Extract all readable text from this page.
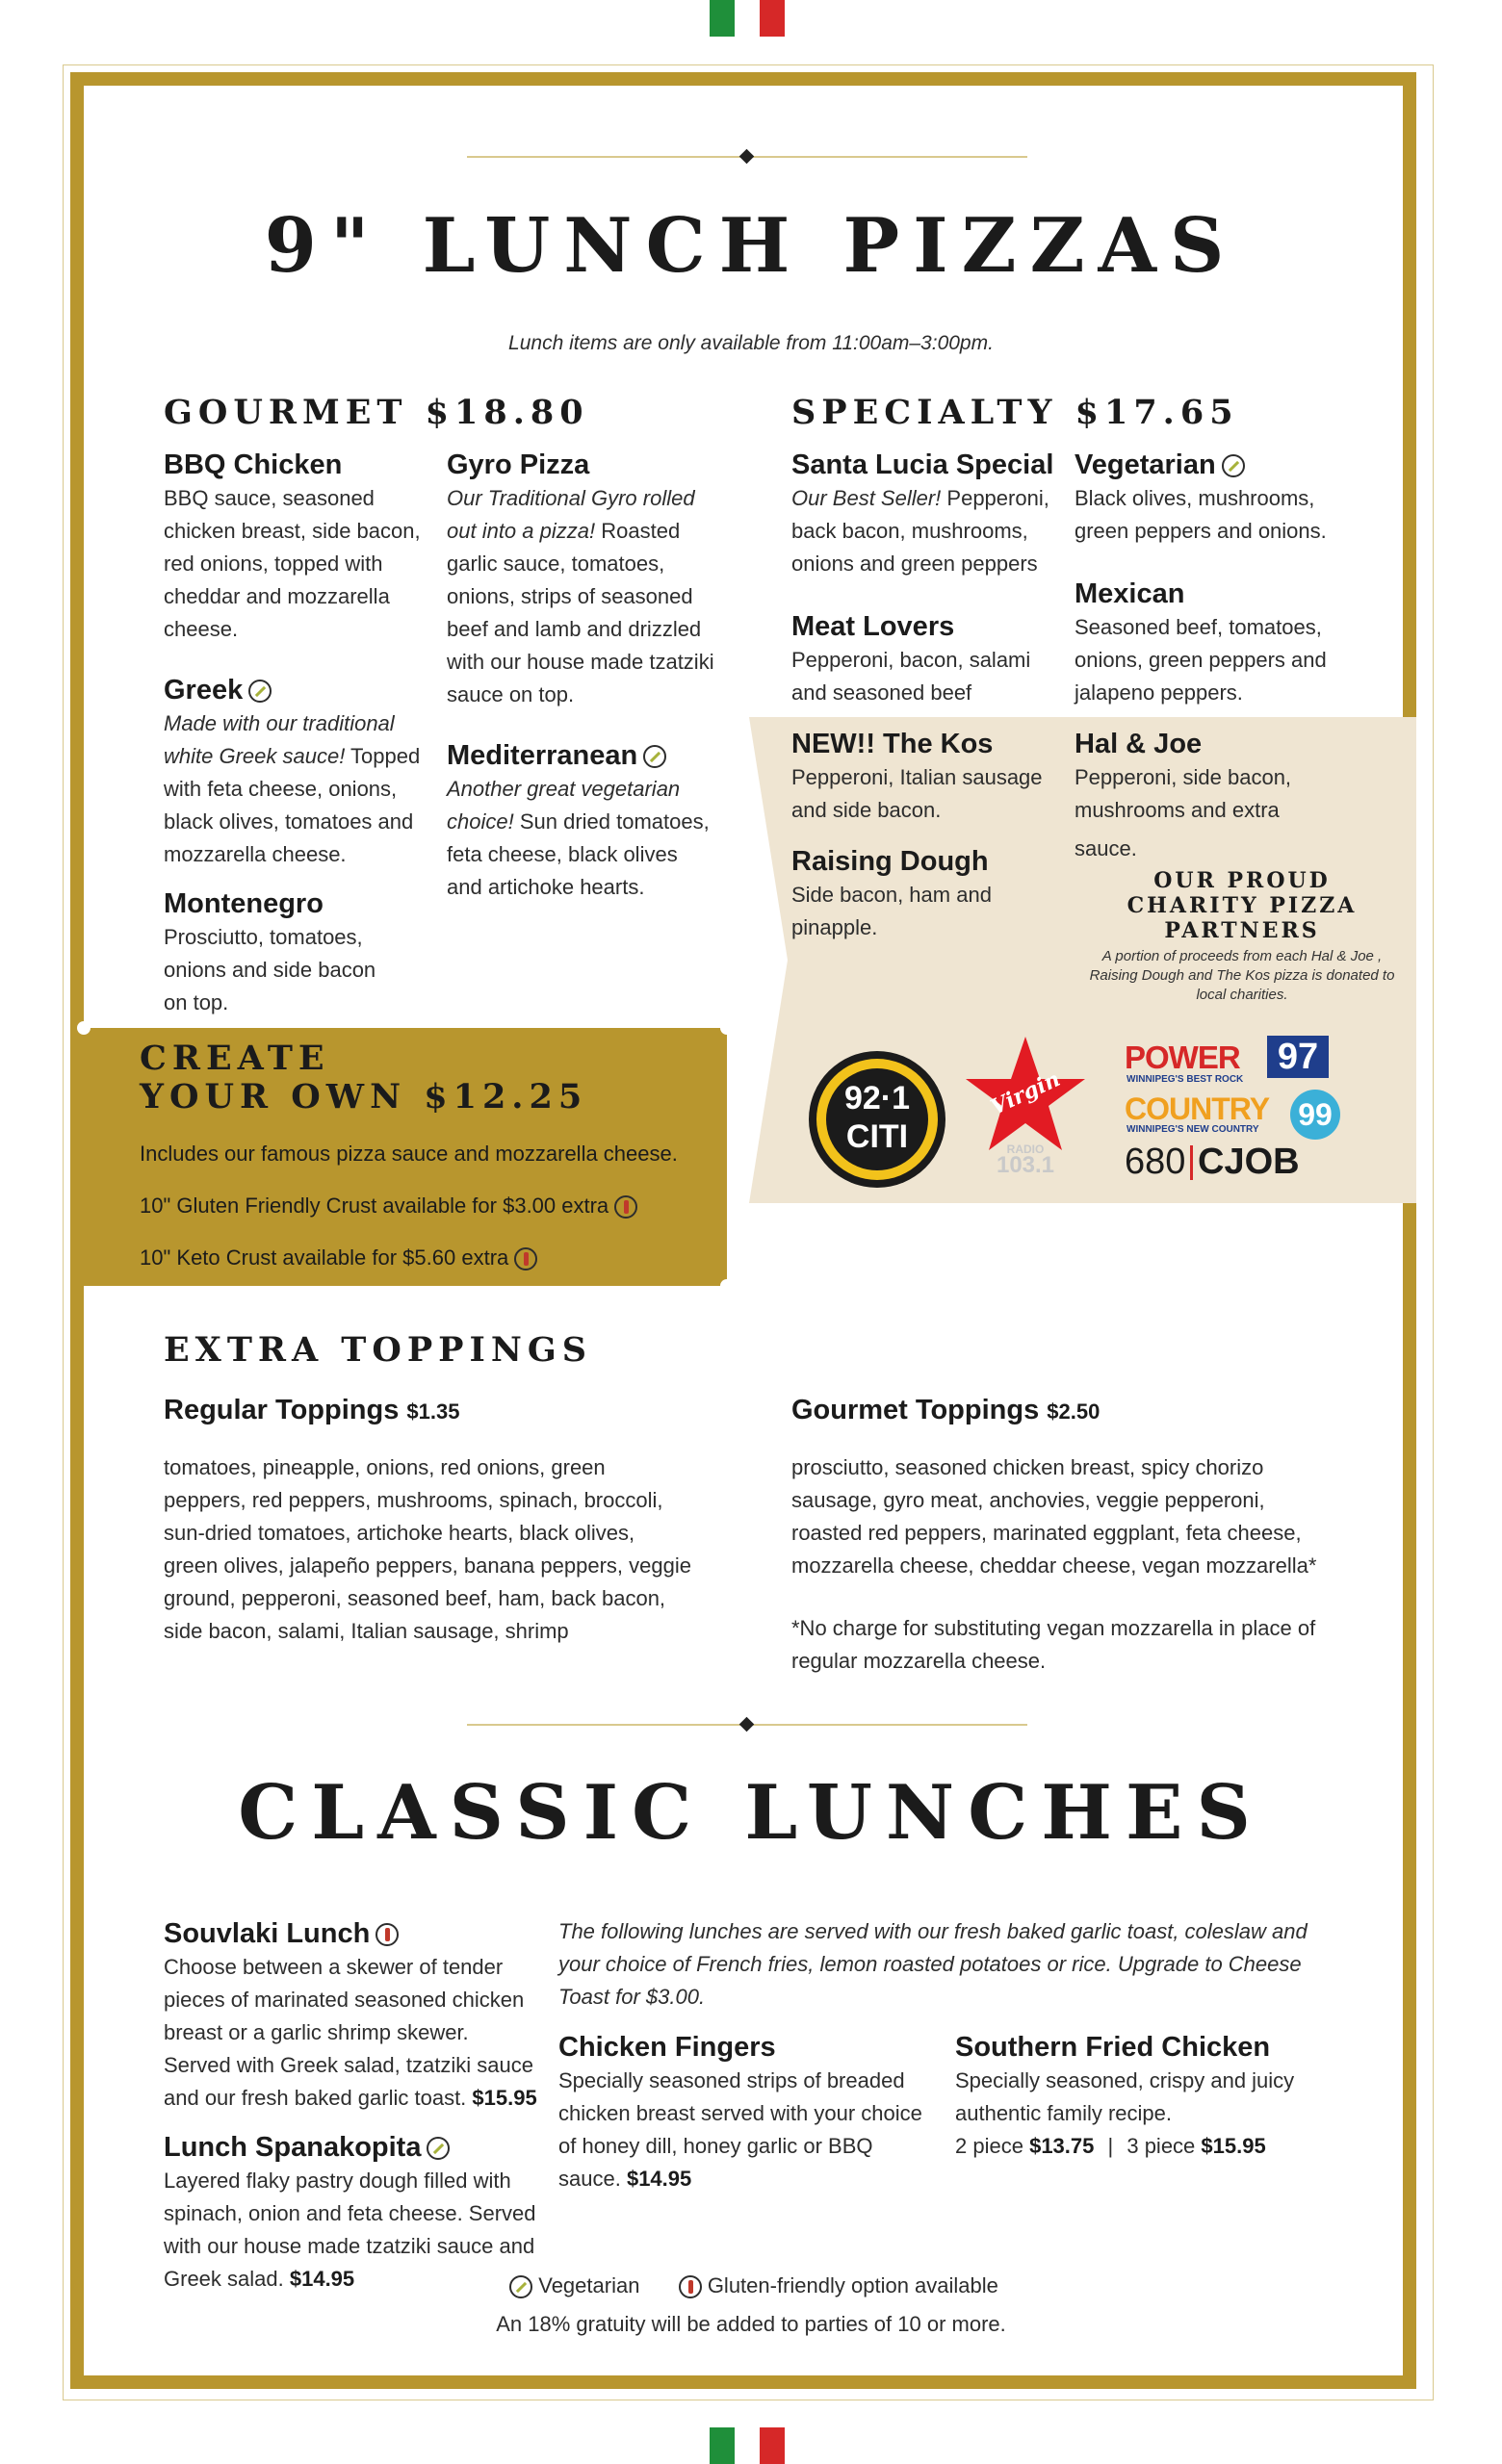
9" LUNCH PIZZAS
Lunch items are only available from 11:00am–3:00pm.
GOURMET $18.80
BBQ Chicken
BBQ sauce, seasoned chicken breast, side bacon, red onions, topped with cheddar and mozzarella cheese.
Greek
Made with our traditional white Greek sauce! Topped with feta cheese, onions, black olives, tomatoes and mozzarella cheese.
Montenegro
Prosciutto, tomatoes, onions and side bacon on top.
Gyro Pizza
Our Traditional Gyro rolled out into a pizza! Roasted garlic sauce, tomatoes, onions, strips of seasoned beef and lamb and drizzled with our house made tzatziki sauce on top.
Mediterranean
Another great vegetarian choice! Sun dried tomatoes, feta cheese, black olives and artichoke hearts.
SPECIALTY $17.65
Santa Lucia Special
Our Best Seller! Pepperoni, back bacon, mushrooms, onions and green peppers
Meat Lovers
Pepperoni, bacon, salami and seasoned beef
NEW!! The Kos
Pepperoni, Italian sausage and side bacon.
Raising Dough
Side bacon, ham and pinapple.
Vegetarian
Black olives, mushrooms, green peppers and onions.
Mexican
Seasoned beef, tomatoes, onions, green peppers and jalapeno peppers.
Hal & Joe
Pepperoni, side bacon, mushrooms and extra
sauce.
OUR PROUD CHARITY PIZZA PARTNERS
A portion of proceeds from each Hal & Joe , Raising Dough and The Kos pizza is donated to local charities.
92·1
CITI
Virgin
RADIO
103.1
POWER 97
WINNIPEG'S BEST ROCK
COUNTRY 99
WINNIPEG'S NEW COUNTRY
680 CJOB
CREATE
YOUR OWN $12.25
Includes our famous pizza sauce and mozzarella cheese.
10" Gluten Friendly Crust available for $3.00 extra
10" Keto Crust available for $5.60 extra
EXTRA TOPPINGS
Regular Toppings $1.35
tomatoes, pineapple, onions, red onions, green peppers, red peppers, mushrooms, spinach, broccoli, sun-dried tomatoes, artichoke hearts, black olives, green olives, jalapeño peppers, banana peppers, veggie ground, pepperoni, seasoned beef, ham, back bacon, side bacon, salami, Italian sausage, shrimp
Gourmet Toppings $2.50
prosciutto, seasoned chicken breast, spicy chorizo sausage, gyro meat, anchovies, veggie pepperoni, roasted red peppers, marinated eggplant, feta cheese, mozzarella cheese, cheddar cheese, vegan mozzarella*
*No charge for substituting vegan mozzarella in place of regular mozzarella cheese.
CLASSIC LUNCHES
Souvlaki Lunch
Choose between a skewer of tender pieces of marinated seasoned chicken breast or a garlic shrimp skewer. Served with Greek salad, tzatziki sauce and our fresh baked garlic toast. $15.95
Lunch Spanakopita
Layered flaky pastry dough filled with spinach, onion and feta cheese. Served with our house made tzatziki sauce and Greek salad. $14.95
The following lunches are served with our fresh baked garlic toast, coleslaw and your choice of French fries, lemon roasted potatoes or rice. Upgrade to Cheese Toast for $3.00.
Chicken Fingers
Specially seasoned strips of breaded chicken breast served with your choice of honey dill, honey garlic or BBQ sauce. $14.95
Southern Fried Chicken
Specially seasoned, crispy and juicy authentic family recipe.
2 piece $13.75 | 3 piece $15.95
Vegetarian	Gluten-friendly option available
An 18% gratuity will be added to parties of 10 or more.
